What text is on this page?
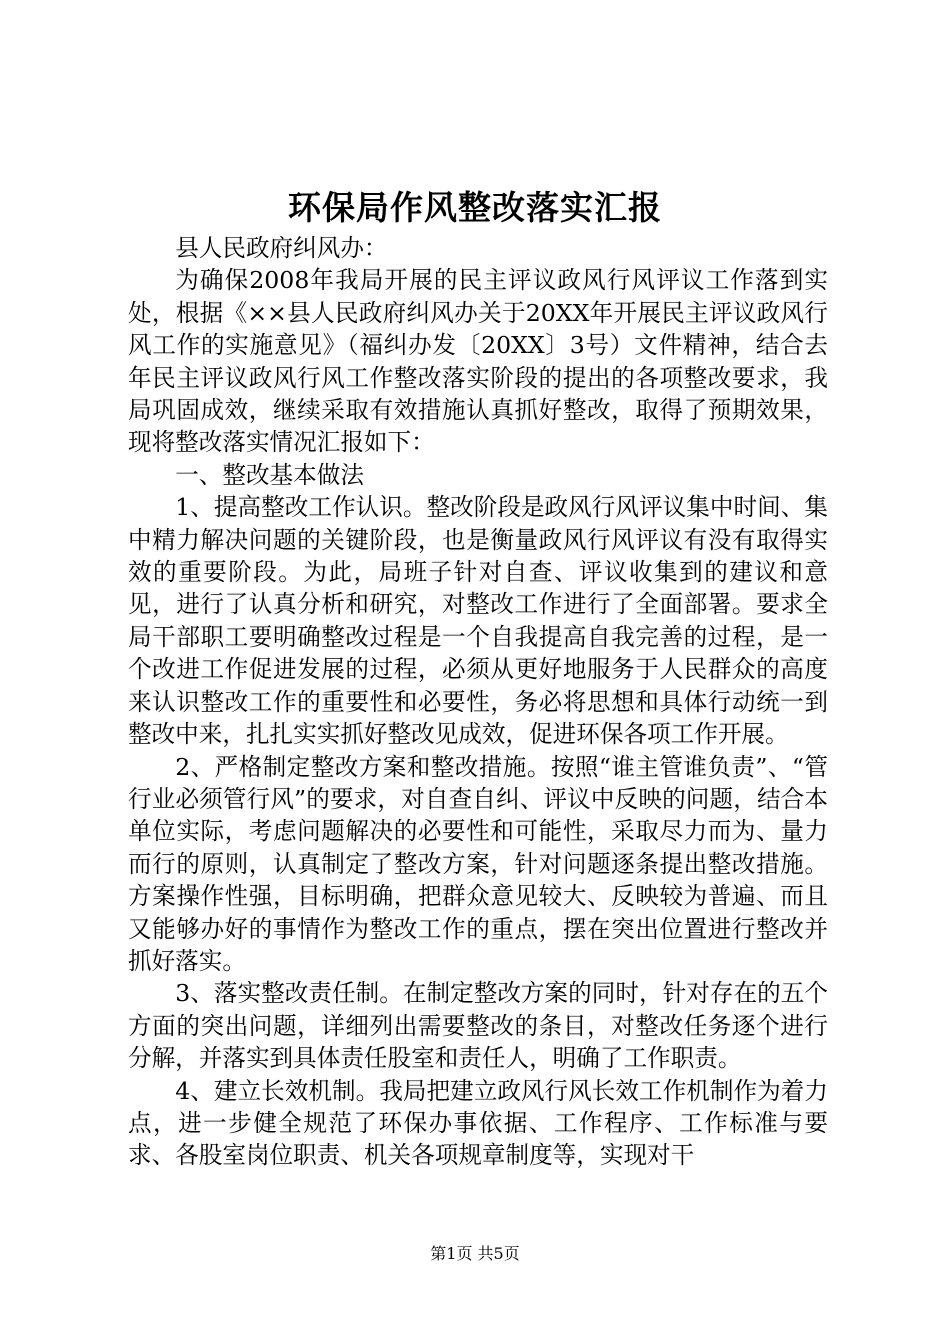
环保局作风整改落实汇报

县人民政府纠风办：

为确保2008年我局开展的民主评议政风行风评议工作落到实处，根据《××县人民政府纠风办关于20XX年开展民主评议政风行风工作的实施意见》（福纠办发〔20XX〕3号）文件精神，结合去年民主评议政风行风工作整改落实阶段的提出的各项整改要求，我局巩固成效，继续采取有效措施认真抓好整改，取得了预期效果，现将整改落实情况汇报如下：

一、整改基本做法

1、提高整改工作认识。整改阶段是政风行风评议集中时间、集中精力解决问题的关键阶段，也是衡量政风行风评议有没有取得实效的重要阶段。为此，局班子针对自查、评议收集到的建议和意见，进行了认真分析和研究，对整改工作进行了全面部署。要求全局干部职工要明确整改过程是一个自我提高自我完善的过程，是一个改进工作促进发展的过程，必须从更好地服务于人民群众的高度来认识整改工作的重要性和必要性，务必将思想和具体行动统一到整改中来，扎扎实实抓好整改见成效，促进环保各项工作开展。

2、严格制定整改方案和整改措施。按照“谁主管谁负责”、“管行业必须管行风”的要求，对自查自纠、评议中反映的问题，结合本单位实际，考虑问题解决的必要性和可能性，采取尽力而为、量力而行的原则，认真制定了整改方案，针对问题逐条提出整改措施。方案操作性强，目标明确，把群众意见较大、反映较为普遍、而且又能够办好的事情作为整改工作的重点，摆在突出位置进行整改并抓好落实。

3、落实整改责任制。在制定整改方案的同时，针对存在的五个方面的突出问题，详细列出需要整改的条目，对整改任务逐个进行分解，并落实到具体责任股室和责任人，明确了工作职责。

4、建立长效机制。我局把建立政风行风长效工作机制作为着力点，进一步健全规范了环保办事依据、工作程序、工作标准与要求、各股室岗位职责、机关各项规章制度等，实现对干

第1页 共5页
